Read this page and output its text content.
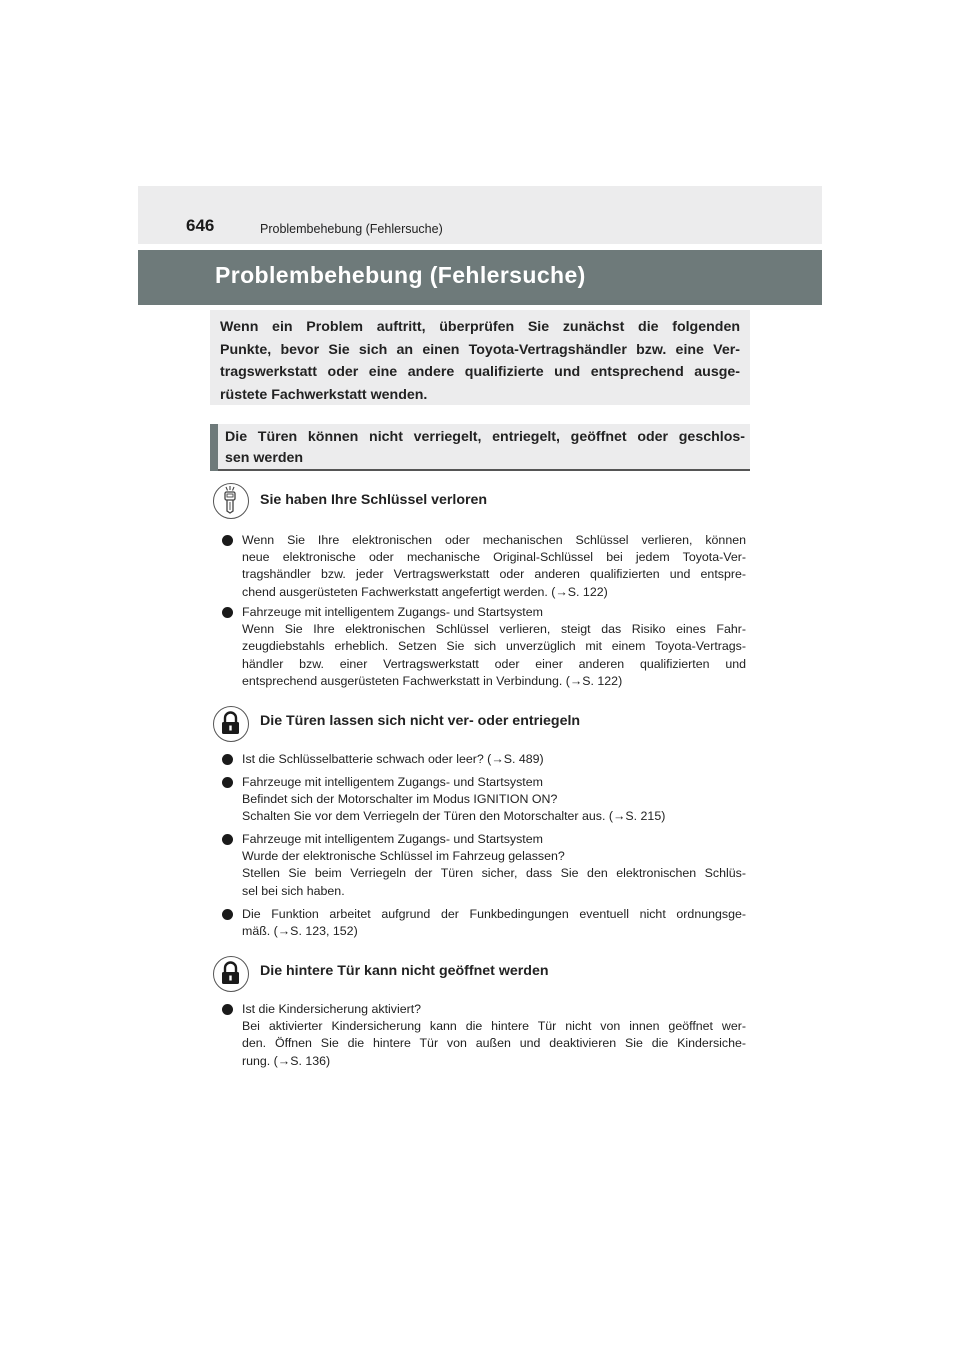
646	Problembehebung (Fehlersuche)
Problembehebung (Fehlersuche)
Wenn ein Problem auftritt, überprüfen Sie zunächst die folgenden
Punkte, bevor Sie sich an einen Toyota-Vertragshändler bzw. eine Ver-
tragswerkstatt oder eine andere qualifizierte und entsprechend ausge-
rüstete Fachwerkstatt wenden.
Die Türen können nicht verriegelt, entriegelt, geöffnet oder geschlos-
sen werden
Sie haben Ihre Schlüssel verloren
Wenn Sie Ihre elektronischen oder mechanischen Schlüssel verlieren, können
neue elektronische oder mechanische Original-Schlüssel bei jedem Toyota-Ver-
tragshändler bzw. jeder Vertragswerkstatt oder anderen qualifizierten und entspre-
chend ausgerüsteten Fachwerkstatt angefertigt werden. (→S. 122)
Fahrzeuge mit intelligentem Zugangs- und Startsystem
Wenn Sie Ihre elektronischen Schlüssel verlieren, steigt das Risiko eines Fahr-
zeugdiebstahls erheblich. Setzen Sie sich unverzüglich mit einem Toyota-Vertrags-
händler bzw. einer Vertragswerkstatt oder einer anderen qualifizierten und
entsprechend ausgerüsteten Fachwerkstatt in Verbindung. (→S. 122)
Die Türen lassen sich nicht ver- oder entriegeln
Ist die Schlüsselbatterie schwach oder leer? (→S. 489)
Fahrzeuge mit intelligentem Zugangs- und Startsystem
Befindet sich der Motorschalter im Modus IGNITION ON?
Schalten Sie vor dem Verriegeln der Türen den Motorschalter aus. (→S. 215)
Fahrzeuge mit intelligentem Zugangs- und Startsystem
Wurde der elektronische Schlüssel im Fahrzeug gelassen?
Stellen Sie beim Verriegeln der Türen sicher, dass Sie den elektronischen Schlüs-
sel bei sich haben.
Die Funktion arbeitet aufgrund der Funkbedingungen eventuell nicht ordnungsge-
mäß. (→S. 123, 152)
Die hintere Tür kann nicht geöffnet werden
Ist die Kindersicherung aktiviert?
Bei aktivierter Kindersicherung kann die hintere Tür nicht von innen geöffnet wer-
den. Öffnen Sie die hintere Tür von außen und deaktivieren Sie die Kindersiche-
rung. (→S. 136)
